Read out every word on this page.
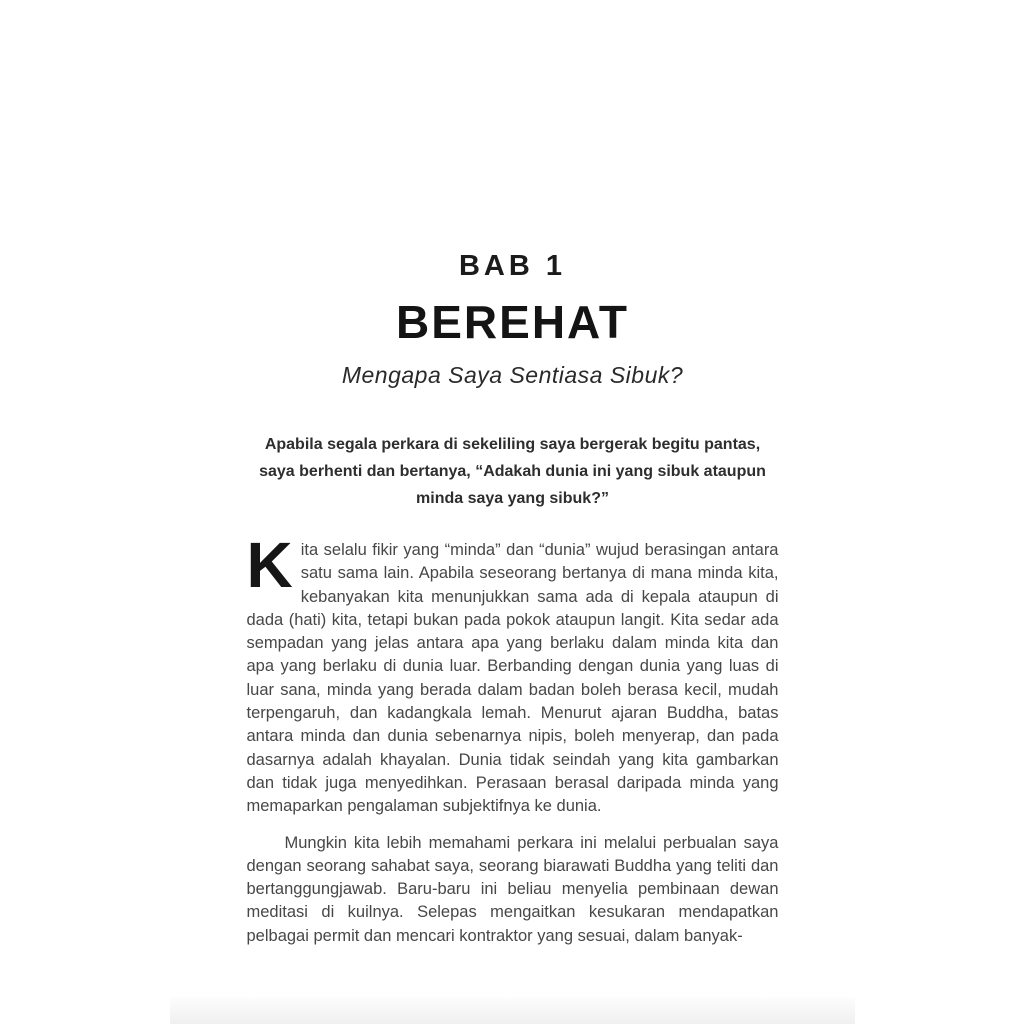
BAB 1
BEREHAT
Mengapa Saya Sentiasa Sibuk?

Apabila segala perkara di sekeliling saya bergerak begitu pantas, saya berhenti dan bertanya, “Adakah dunia ini yang sibuk ataupun minda saya yang sibuk?”

Kita selalu fikir yang “minda” dan “dunia” wujud berasingan antara satu sama lain. Apabila seseorang bertanya di mana minda kita, kebanyakan kita menunjukkan sama ada di kepala ataupun di dada (hati) kita, tetapi bukan pada pokok ataupun langit. Kita sedar ada sempadan yang jelas antara apa yang berlaku dalam minda kita dan apa yang berlaku di dunia luar. Berbanding dengan dunia yang luas di luar sana, minda yang berada dalam badan boleh berasa kecil, mudah terpengaruh, dan kadangkala lemah. Menurut ajaran Buddha, batas antara minda dan dunia sebenarnya nipis, boleh menyerap, dan pada dasarnya adalah khayalan. Dunia tidak seindah yang kita gambarkan dan tidak juga menyedihkan. Perasaan berasal daripada minda yang memaparkan pengalaman subjektifnya ke dunia.

Mungkin kita lebih memahami perkara ini melalui perbualan saya dengan seorang sahabat saya, seorang biarawati Buddha yang teliti dan bertanggungjawab. Baru-baru ini beliau menyelia pembinaan dewan meditasi di kuilnya. Selepas mengaitkan kesukaran mendapatkan pelbagai permit dan mencari kontraktor yang sesuai, dalam banyak-
